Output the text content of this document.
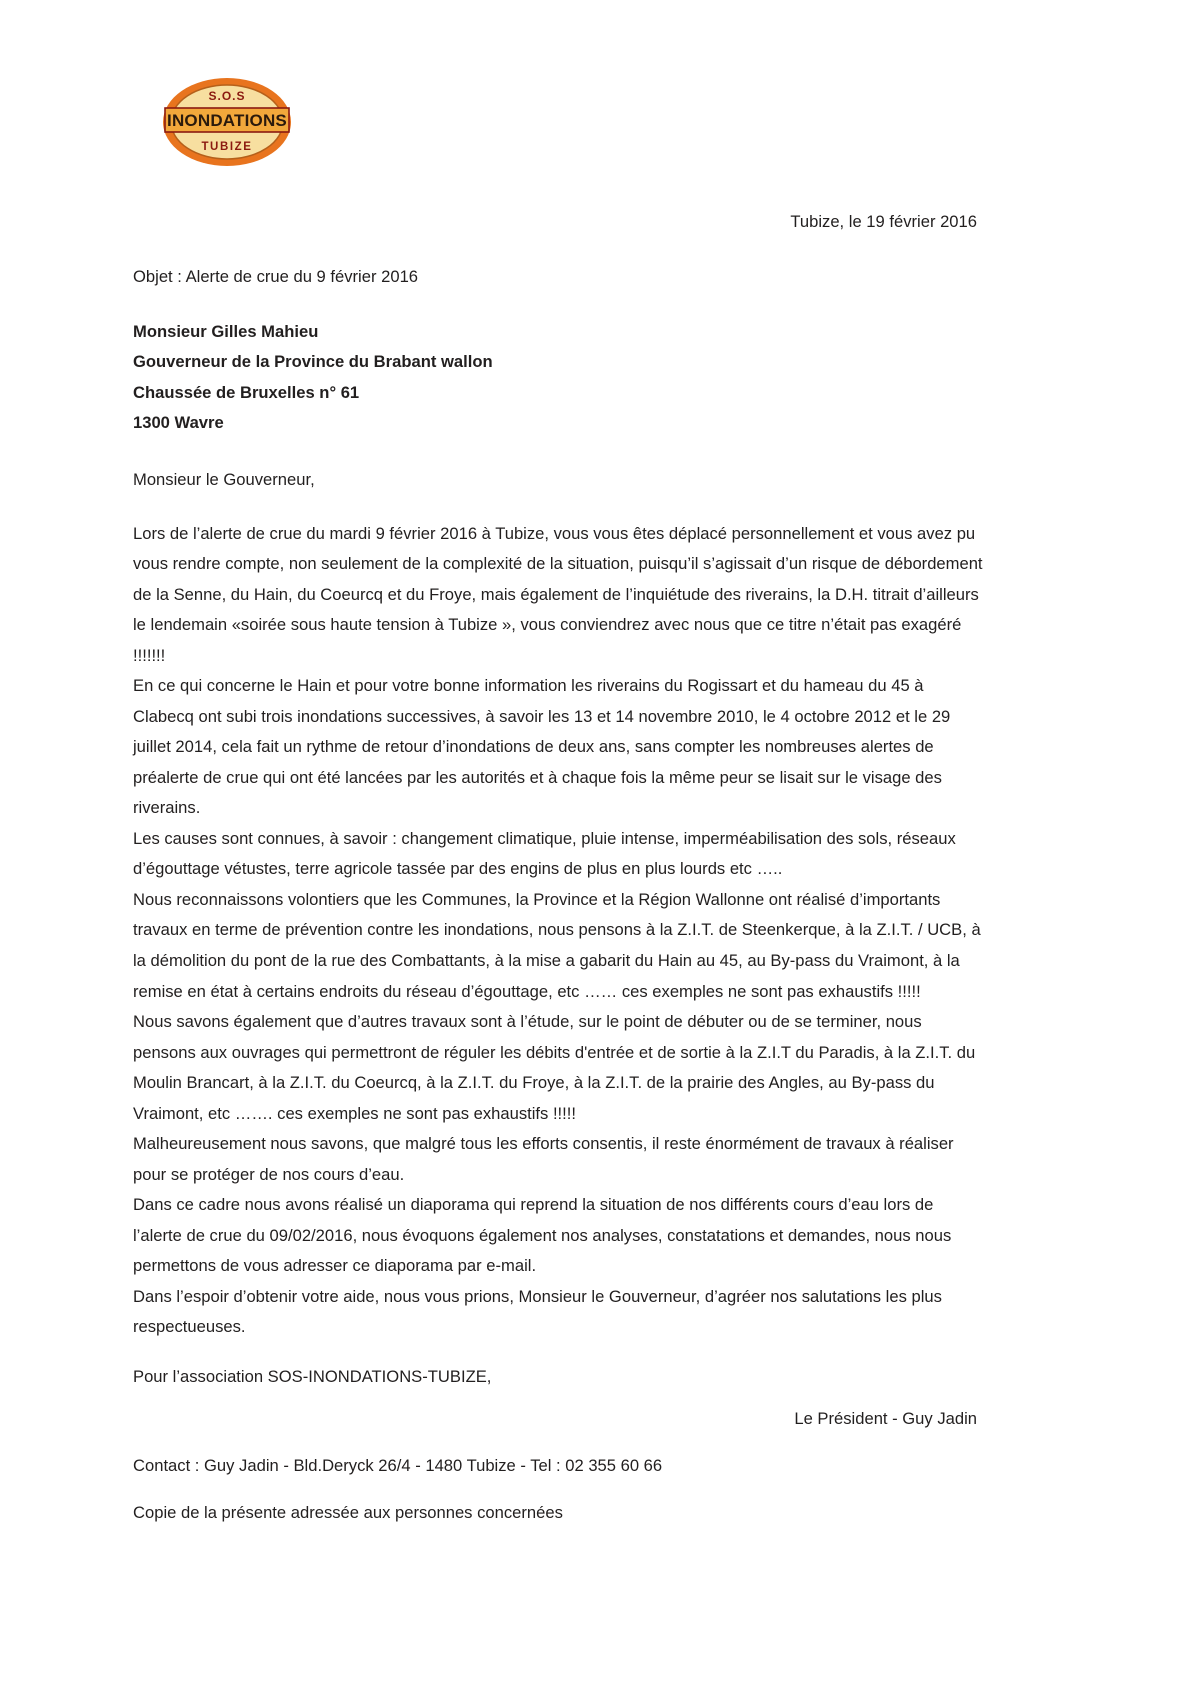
S.O.S
INONDATIONS
TUBIZE
Tubize, le 19 février 2016
Objet : Alerte de crue du 9 février 2016
Monsieur Gilles Mahieu
Gouverneur de la Province du Brabant wallon
Chaussée de Bruxelles n° 61
1300 Wavre
Monsieur le Gouverneur,

Lors de l’alerte de crue du mardi 9 février 2016 à Tubize, vous vous êtes déplacé personnellement et vous avez pu vous rendre compte, non seulement de la complexité de la situation, puisqu’il s’agissait d’un risque de débordement de la Senne, du Hain, du Coeurcq et du Froye, mais également de l’inquiétude des riverains, la D.H. titrait d’ailleurs le lendemain «soirée sous haute tension à Tubize », vous conviendrez avec nous que ce titre n’était pas exagéré !!!!!!!

En ce qui concerne le Hain et pour votre bonne information les riverains du Rogissart et du hameau du 45 à Clabecq ont subi trois inondations successives, à savoir les 13 et 14 novembre 2010, le 4 octobre 2012 et le 29 juillet 2014, cela fait un rythme de retour d’inondations de deux ans, sans compter les nombreuses alertes de préalerte de crue qui ont été lancées par les autorités et à chaque fois la même peur se lisait sur le visage des riverains.

Les causes sont connues, à savoir : changement climatique, pluie intense, imperméabilisation des sols, réseaux d’égouttage vétustes, terre agricole tassée par des engins de plus en plus lourds etc …..

Nous reconnaissons volontiers que les Communes, la Province et la Région Wallonne ont réalisé d’importants travaux en terme de prévention contre les inondations, nous pensons à la Z.I.T. de Steenkerque, à la Z.I.T. / UCB, à la démolition du pont de la rue des Combattants, à la mise a gabarit du Hain au 45, au By-pass du Vraimont, à la remise en état à certains endroits du réseau d’égouttage, etc …… ces exemples ne sont pas exhaustifs !!!!!

Nous savons également que d’autres travaux sont à l’étude, sur le point de débuter ou de se terminer, nous pensons aux ouvrages qui permettront de réguler les débits d'entrée et de sortie à la Z.I.T du Paradis, à la Z.I.T. du Moulin Brancart, à la Z.I.T. du Coeurcq, à la Z.I.T. du Froye, à la Z.I.T. de la prairie des Angles, au By-pass du Vraimont, etc ……. ces exemples ne sont pas exhaustifs !!!!!

Malheureusement nous savons, que malgré tous les efforts consentis, il reste énormément de travaux à réaliser pour se protéger de nos cours d’eau.

Dans ce cadre nous avons réalisé un diaporama qui reprend la situation de nos différents cours d’eau lors de l’alerte de crue du 09/02/2016, nous évoquons également nos analyses, constatations et demandes, nous nous permettons de vous adresser ce diaporama par e-mail.

Dans l’espoir d’obtenir votre aide, nous vous prions, Monsieur le Gouverneur, d’agréer nos salutations les plus respectueuses.

Pour l’association SOS-INONDATIONS-TUBIZE,
Le Président - Guy Jadin
Contact : Guy Jadin - Bld.Deryck 26/4 - 1480 Tubize - Tel : 02 355 60 66
Copie de la présente adressée aux personnes concernées
